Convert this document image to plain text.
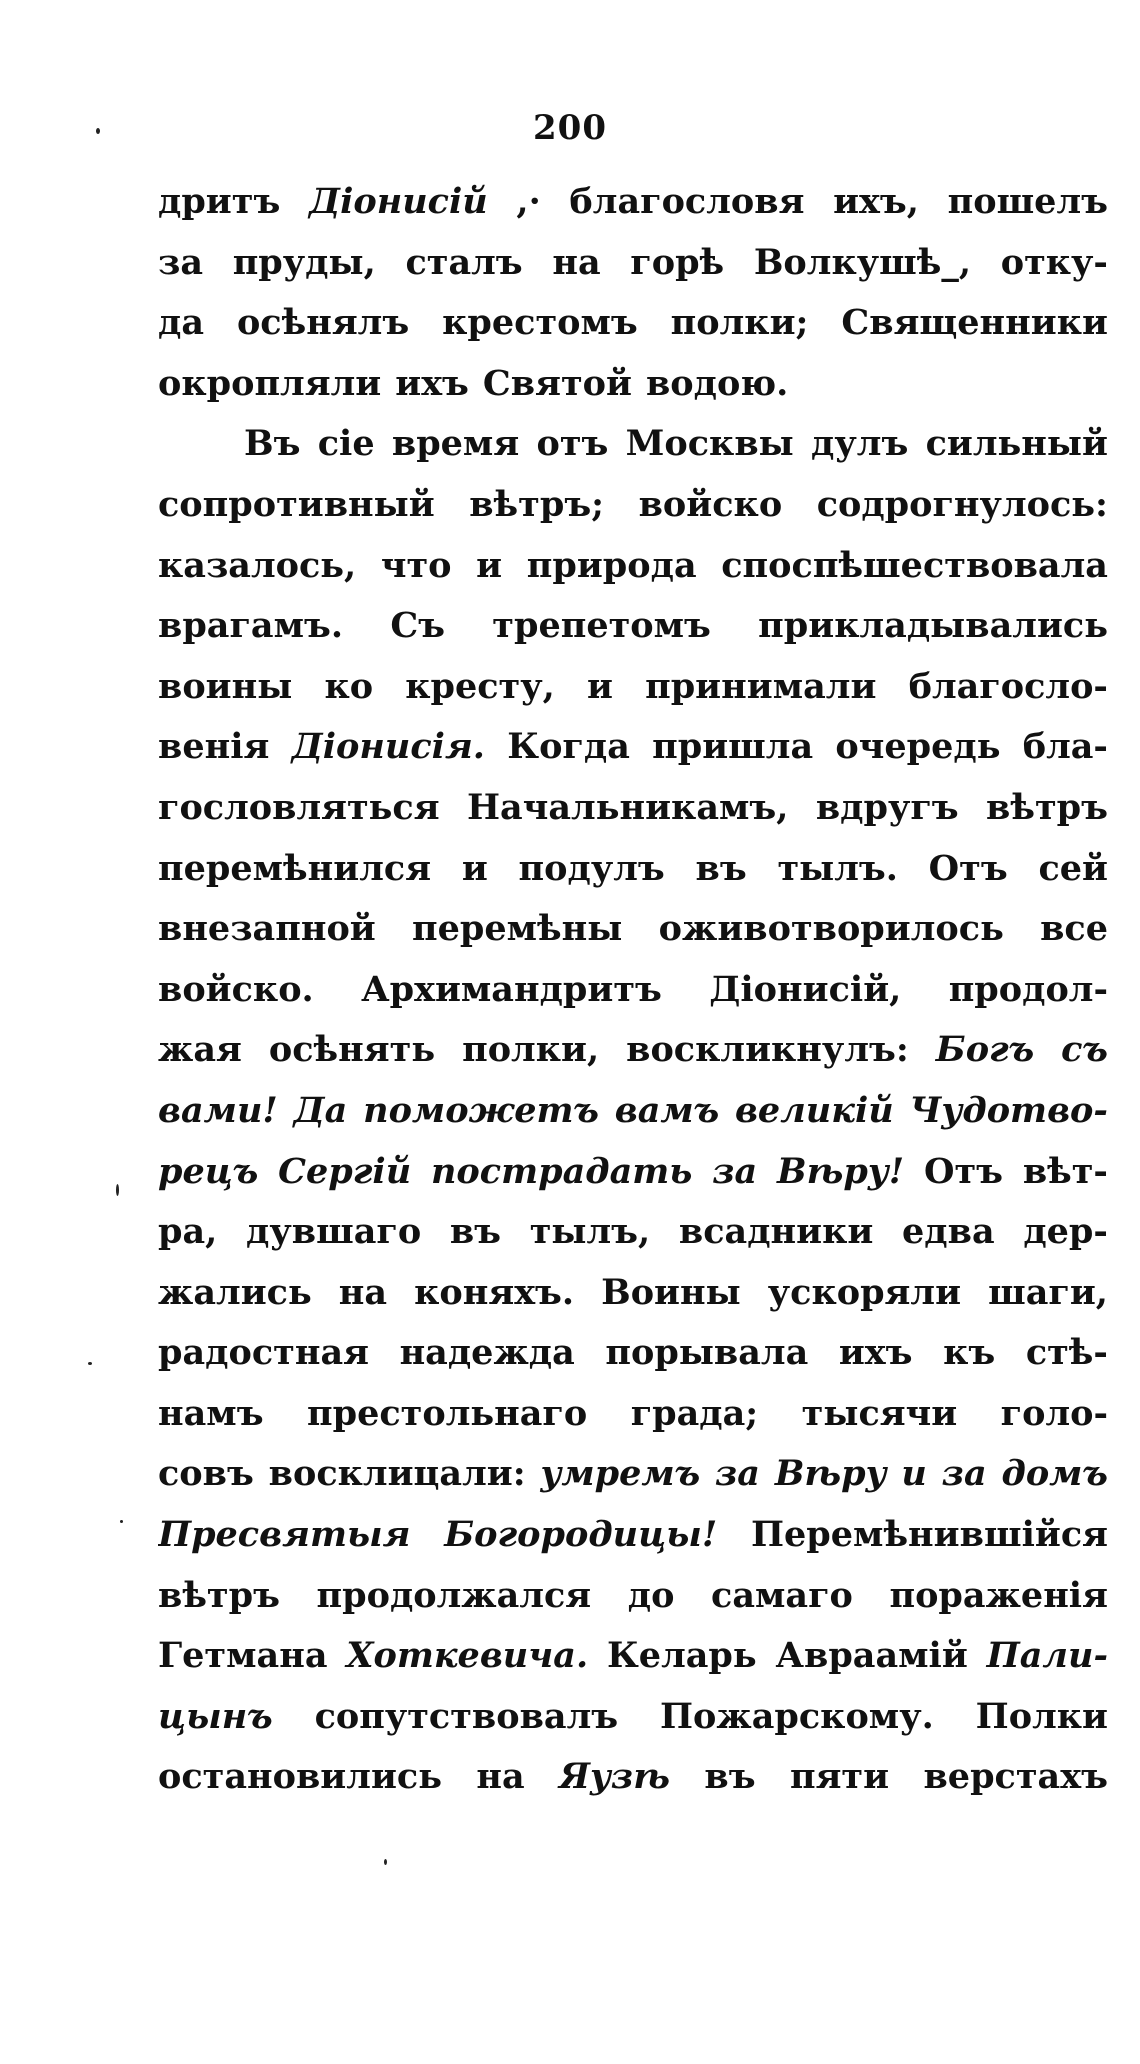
200
дритъ Діонисій ,· благословя ихъ, пошелъ
за пруды, сталъ на горѣ Волкушѣ_, отку-
да осѣнялъ крестомъ полки; Священники
окропляли ихъ Святой водою.
Въ сіе время отъ Москвы дулъ сильный
сопротивный вѣтръ; войско содрогнулось:
казалось, что и природа споспѣшествовала
врагамъ. Съ трепетомъ прикладывались
воины ко кресту, и принимали благосло-
венія Діонисія. Когда пришла очередь бла-
гословляться Начальникамъ, вдругъ вѣтръ
перемѣнился и подулъ въ тылъ. Отъ сей
внезапной перемѣны оживотворилось все
войско. Архимандритъ Діонисій, продол-
жая осѣнять полки, воскликнулъ: Богъ съ
вами! Да поможетъ вамъ великій Чудотво-
рецъ Сергій пострадать за Вѣру! Отъ вѣт-
ра, дувшаго въ тылъ, всадники едва дер-
жались на коняхъ. Воины ускоряли шаги,
радостная надежда порывала ихъ къ стѣ-
намъ престольнаго града; тысячи голо-
совъ восклицали: умремъ за Вѣру и за домъ
Пресвятыя Богородицы! Перемѣнившійся
вѣтръ продолжался до самаго пораженія
Гетмана Хоткевича. Келарь Авраамій Пали-
цынъ сопутствовалъ Пожарскому. Полки
остановились на Яузѣ въ пяти верстахъ
